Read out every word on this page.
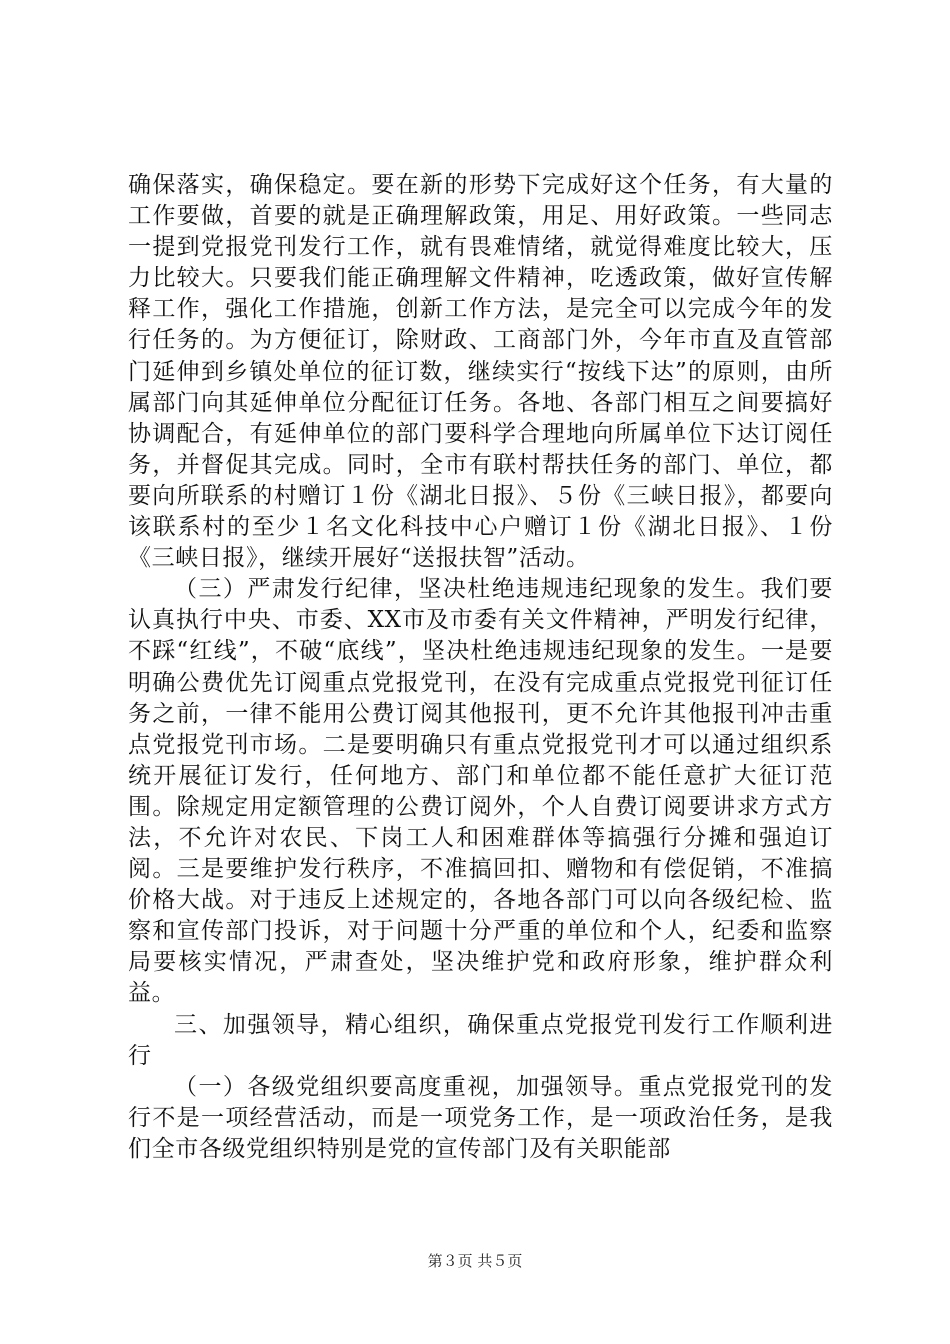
确保落实，确保稳定。要在新的形势下完成好这个任务，有大量的工作要做，首要的就是正确理解政策，用足、用好政策。一些同志一提到党报党刊发行工作，就有畏难情绪，就觉得难度比较大，压力比较大。只要我们能正确理解文件精神，吃透政策，做好宣传解释工作，强化工作措施，创新工作方法，是完全可以完成今年的发行任务的。为方便征订，除财政、工商部门外，今年市直及直管部门延伸到乡镇处单位的征订数，继续实行“按线下达”的原则，由所属部门向其延伸单位分配征订任务。各地、各部门相互之间要搞好协调配合，有延伸单位的部门要科学合理地向所属单位下达订阅任务，并督促其完成。同时，全市有联村帮扶任务的部门、单位，都要向所联系的村赠订１份《湖北日报》、５份《三峡日报》，都要向该联系村的至少１名文化科技中心户赠订１份《湖北日报》、１份《三峡日报》，继续开展好“送报扶智”活动。

（三）严肃发行纪律，坚决杜绝违规违纪现象的发生。我们要认真执行中央、市委、XX市及市委有关文件精神，严明发行纪律，不踩“红线”，不破“底线”，坚决杜绝违规违纪现象的发生。一是要明确公费优先订阅重点党报党刊，在没有完成重点党报党刊征订任务之前，一律不能用公费订阅其他报刊，更不允许其他报刊冲击重点党报党刊市场。二是要明确只有重点党报党刊才可以通过组织系统开展征订发行，任何地方、部门和单位都不能任意扩大征订范围。除规定用定额管理的公费订阅外，个人自费订阅要讲求方式方法，不允许对农民、下岗工人和困难群体等搞强行分摊和强迫订阅。三是要维护发行秩序，不准搞回扣、赠物和有偿促销，不准搞价格大战。对于违反上述规定的，各地各部门可以向各级纪检、监察和宣传部门投诉，对于问题十分严重的单位和个人，纪委和监察局要核实情况，严肃查处，坚决维护党和政府形象，维护群众利益。

三、加强领导，精心组织，确保重点党报党刊发行工作顺利进行

（一）各级党组织要高度重视，加强领导。重点党报党刊的发行不是一项经营活动，而是一项党务工作，是一项政治任务，是我们全市各级党组织特别是党的宣传部门及有关职能部

第３页 共５页
